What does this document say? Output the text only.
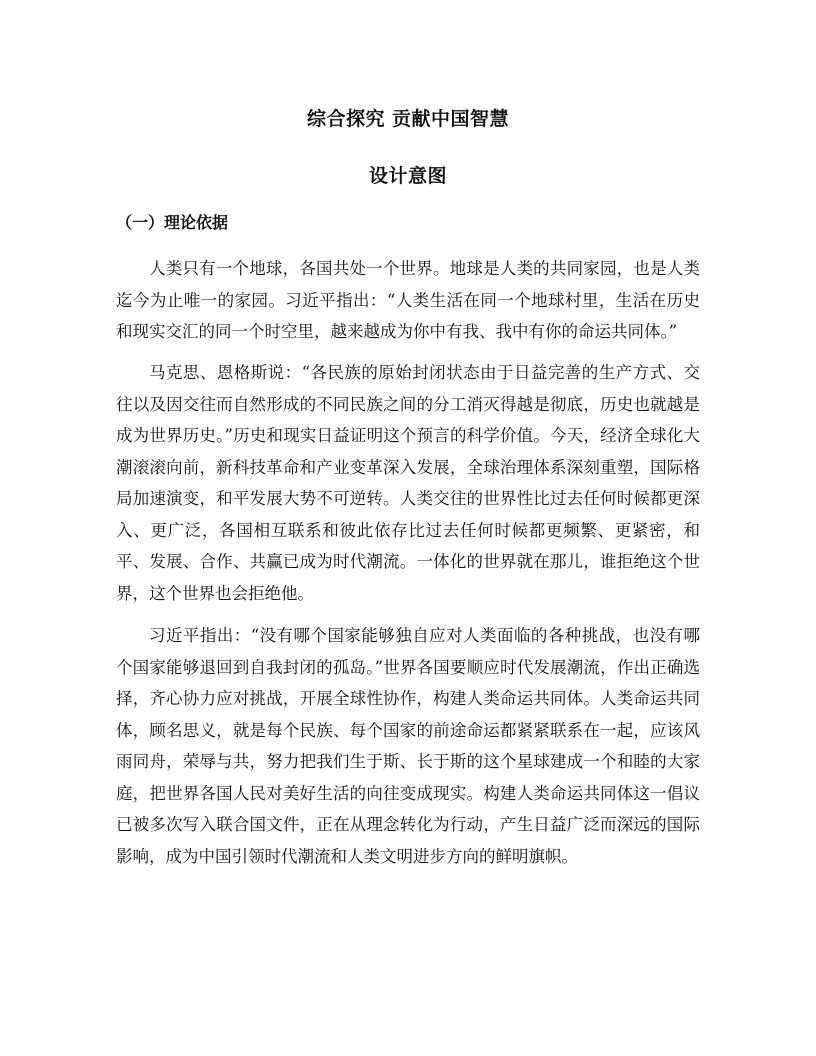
综合探究 贡献中国智慧
设计意图
（一）理论依据

人类只有一个地球，各国共处一个世界。地球是人类的共同家园，也是人类迄今为止唯一的家园。习近平指出：“人类生活在同一个地球村里，生活在历史和现实交汇的同一个时空里，越来越成为你中有我、我中有你的命运共同体。”

马克思、恩格斯说：“各民族的原始封闭状态由于日益完善的生产方式、交往以及因交往而自然形成的不同民族之间的分工消灭得越是彻底，历史也就越是成为世界历史。”历史和现实日益证明这个预言的科学价值。今天，经济全球化大潮滚滚向前，新科技革命和产业变革深入发展，全球治理体系深刻重塑，国际格局加速演变，和平发展大势不可逆转。人类交往的世界性比过去任何时候都更深入、更广泛，各国相互联系和彼此依存比过去任何时候都更频繁、更紧密，和平、发展、合作、共赢已成为时代潮流。一体化的世界就在那儿，谁拒绝这个世界，这个世界也会拒绝他。

习近平指出：“没有哪个国家能够独自应对人类面临的各种挑战，也没有哪个国家能够退回到自我封闭的孤岛。”世界各国要顺应时代发展潮流，作出正确选择，齐心协力应对挑战，开展全球性协作，构建人类命运共同体。人类命运共同体，顾名思义，就是每个民族、每个国家的前途命运都紧紧联系在一起，应该风雨同舟，荣辱与共，努力把我们生于斯、长于斯的这个星球建成一个和睦的大家庭，把世界各国人民对美好生活的向往变成现实。构建人类命运共同体这一倡议已被多次写入联合国文件，正在从理念转化为行动，产生日益广泛而深远的国际影响，成为中国引领时代潮流和人类文明进步方向的鲜明旗帜。
